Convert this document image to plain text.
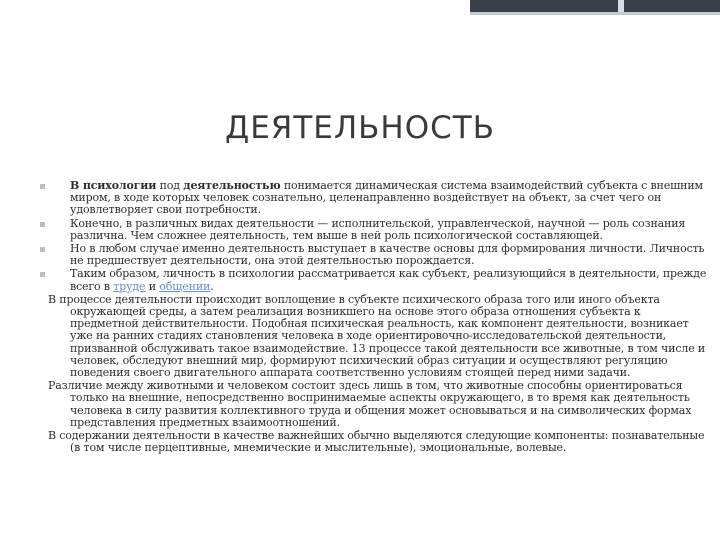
ДЕЯТЕЛЬНОСТЬ
В психологии под деятельностью понимается динамическая система взаимодействий субъекта с внешним миром, в ходе которых человек сознательно, целенаправленно воздействует на объект, за счет чего он удовлетворяет свои потребности.
Конечно, в различных видах деятельности — исполнительской, управленческой, научной — роль сознания различна. Чем сложнее деятельность, тем выше в ней роль психологической составляющей.
Но в любом случае именно деятельность выступает в качестве основы для формирования личности. Личность не предшествует деятельности, она этой деятельностью порождается.
Таким образом, личность в психологии рассматривается как субъект, реализующийся в деятельности, прежде всего в труде и общении.
В процессе деятельности происходит воплощение в субъекте психического образа того или иного объекта окружающей среды, а затем реализация возникшего на основе этого образа отношения субъекта к предметной действительности. Подобная психическая реальность, как компонент деятельности, возникает уже на ранних стадиях становления человека в ходе ориентировочно-исследовательской деятельности, призванной обслуживать такое взаимодействие. 13 процессе такой деятельности все животные, в том числе и человек, обследуют внешний мир, формируют психический образ ситуации и осуществляют регуляцию поведения своего двигательного аппарата соответственно условиям стоящей перед ними задачи.
Различие между животными и человеком состоит здесь лишь в том, что животные способны ориентироваться только на внешние, непосредственно воспринимаемые аспекты окружающего, в то время как деятельность человека в силу развития коллективного труда и общения может основываться и на символических формах представления предметных взаимоотношений.
В содержании деятельности в качестве важнейших обычно выделяются следующие компоненты: познавательные (в том числе перцептивные, мнемические и мыслительные), эмоциональные, волевые.
